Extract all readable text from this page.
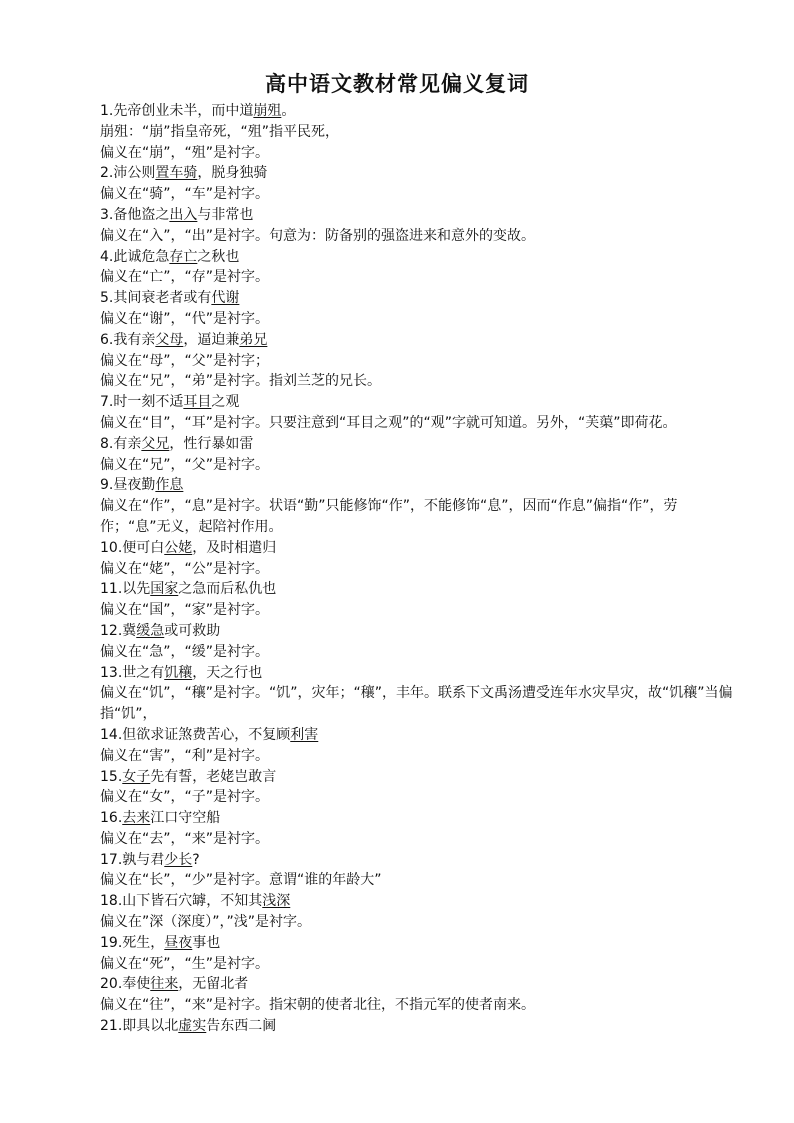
高中语文教材常见偏义复词
1.先帝创业未半，而中道崩殂。
崩殂：“崩”指皇帝死，“殂”指平民死，
偏义在“崩”，“殂”是衬字。
2.沛公则置车骑，脱身独骑
偏义在“骑”，“车”是衬字。
3.备他盗之出入与非常也
偏义在“入”，“出”是衬字。句意为：防备别的强盗进来和意外的变故。
4.此诚危急存亡之秋也
偏义在“亡”，“存”是衬字。
5.其间衰老者或有代谢
偏义在“谢”，“代”是衬字。
6.我有亲父母，逼迫兼弟兄
偏义在“母”，“父”是衬字；
偏义在“兄”，“弟”是衬字。指刘兰芝的兄长。
7.时一刻不适耳目之观
偏义在“目”，“耳”是衬字。只要注意到“耳目之观”的“观”字就可知道。另外，“芙蕖”即荷花。
8.有亲父兄，性行暴如雷
偏义在“兄”，“父”是衬字。
9.昼夜勤作息
偏义在“作”，“息”是衬字。状语“勤”只能修饰“作”，不能修饰“息”，因而“作息”偏指“作”，劳作；“息”无义，起陪衬作用。
10.便可白公姥，及时相遣归
偏义在“姥”，“公”是衬字。
11.以先国家之急而后私仇也
偏义在“国”，“家”是衬字。
12.冀缓急或可救助
偏义在“急”，“缓”是衬字。
13.世之有饥穰，天之行也
偏义在“饥”，“穰”是衬字。“饥”，灾年；“穰”，丰年。联系下文禹汤遭受连年水灾旱灾，故“饥穰”当偏指“饥”，
14.但欲求证煞费苦心，不复顾利害
偏义在“害”，“利”是衬字。
15.女子先有誓，老姥岂敢言
偏义在“女”，“子”是衬字。
16.去来江口守空船
偏义在“去”，“来”是衬字。
17.孰与君少长?
偏义在“长”，“少”是衬字。意谓“谁的年龄大”
18.山下皆石穴罅，不知其浅深
偏义在”深（深度）”，”浅”是衬字。
19.死生，昼夜事也
偏义在“死”，“生”是衬字。
20.奉使往来，无留北者
偏义在“往”，“来”是衬字。指宋朝的使者北往，不指元军的使者南来。
21.即具以北虚实告东西二阃
